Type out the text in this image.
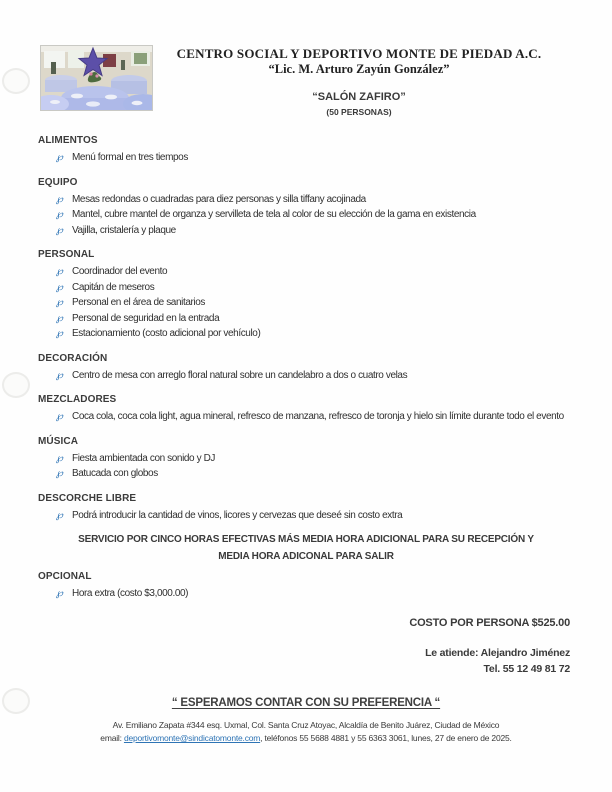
CENTRO SOCIAL Y DEPORTIVO MONTE DE PIEDAD A.C.
“Lic. M. Arturo Zayún González”
“SALÓN ZAFIRO”
(50 PERSONAS)
ALIMENTOS
℘ Menú formal en tres tiempos
EQUIPO
℘ Mesas redondas o cuadradas para diez personas y silla tiffany acojinada
℘ Mantel, cubre mantel de organza y servilleta de tela al color de su elección de la gama en existencia
℘ Vajilla, cristalería y plaque
PERSONAL
℘ Coordinador del evento
℘ Capitán de meseros
℘ Personal en el área de sanitarios
℘ Personal de seguridad en la entrada
℘ Estacionamiento (costo adicional por vehículo)
DECORACIÓN
℘ Centro de mesa con arreglo floral natural sobre un candelabro a dos o cuatro velas
MEZCLADORES
℘ Coca cola, coca cola light, agua mineral, refresco de manzana, refresco de toronja y hielo sin límite durante todo el evento
MÚSICA
℘ Fiesta ambientada con sonido y DJ
℘ Batucada con globos
DESCORCHE LIBRE
℘ Podrá introducir la cantidad de vinos, licores y cervezas que deseé sin costo extra
SERVICIO POR CINCO HORAS EFECTIVAS MÁS MEDIA HORA ADICIONAL PARA SU RECEPCIÓN Y
MEDIA HORA ADICONAL PARA SALIR
OPCIONAL
℘ Hora extra (costo $3,000.00)
COSTO POR PERSONA $525.00
Le atiende: Alejandro Jiménez
Tel. 55 12 49 81 72
“ ESPERAMOS CONTAR CON SU PREFERENCIA “
Av. Emiliano Zapata #344 esq. Uxmal, Col. Santa Cruz Atoyac, Alcaldía de Benito Juárez, Ciudad de México
email: deportivomonte@sindicatomonte.com, teléfonos 55 5688 4881 y 55 6363 3061, lunes, 27 de enero de 2025.
